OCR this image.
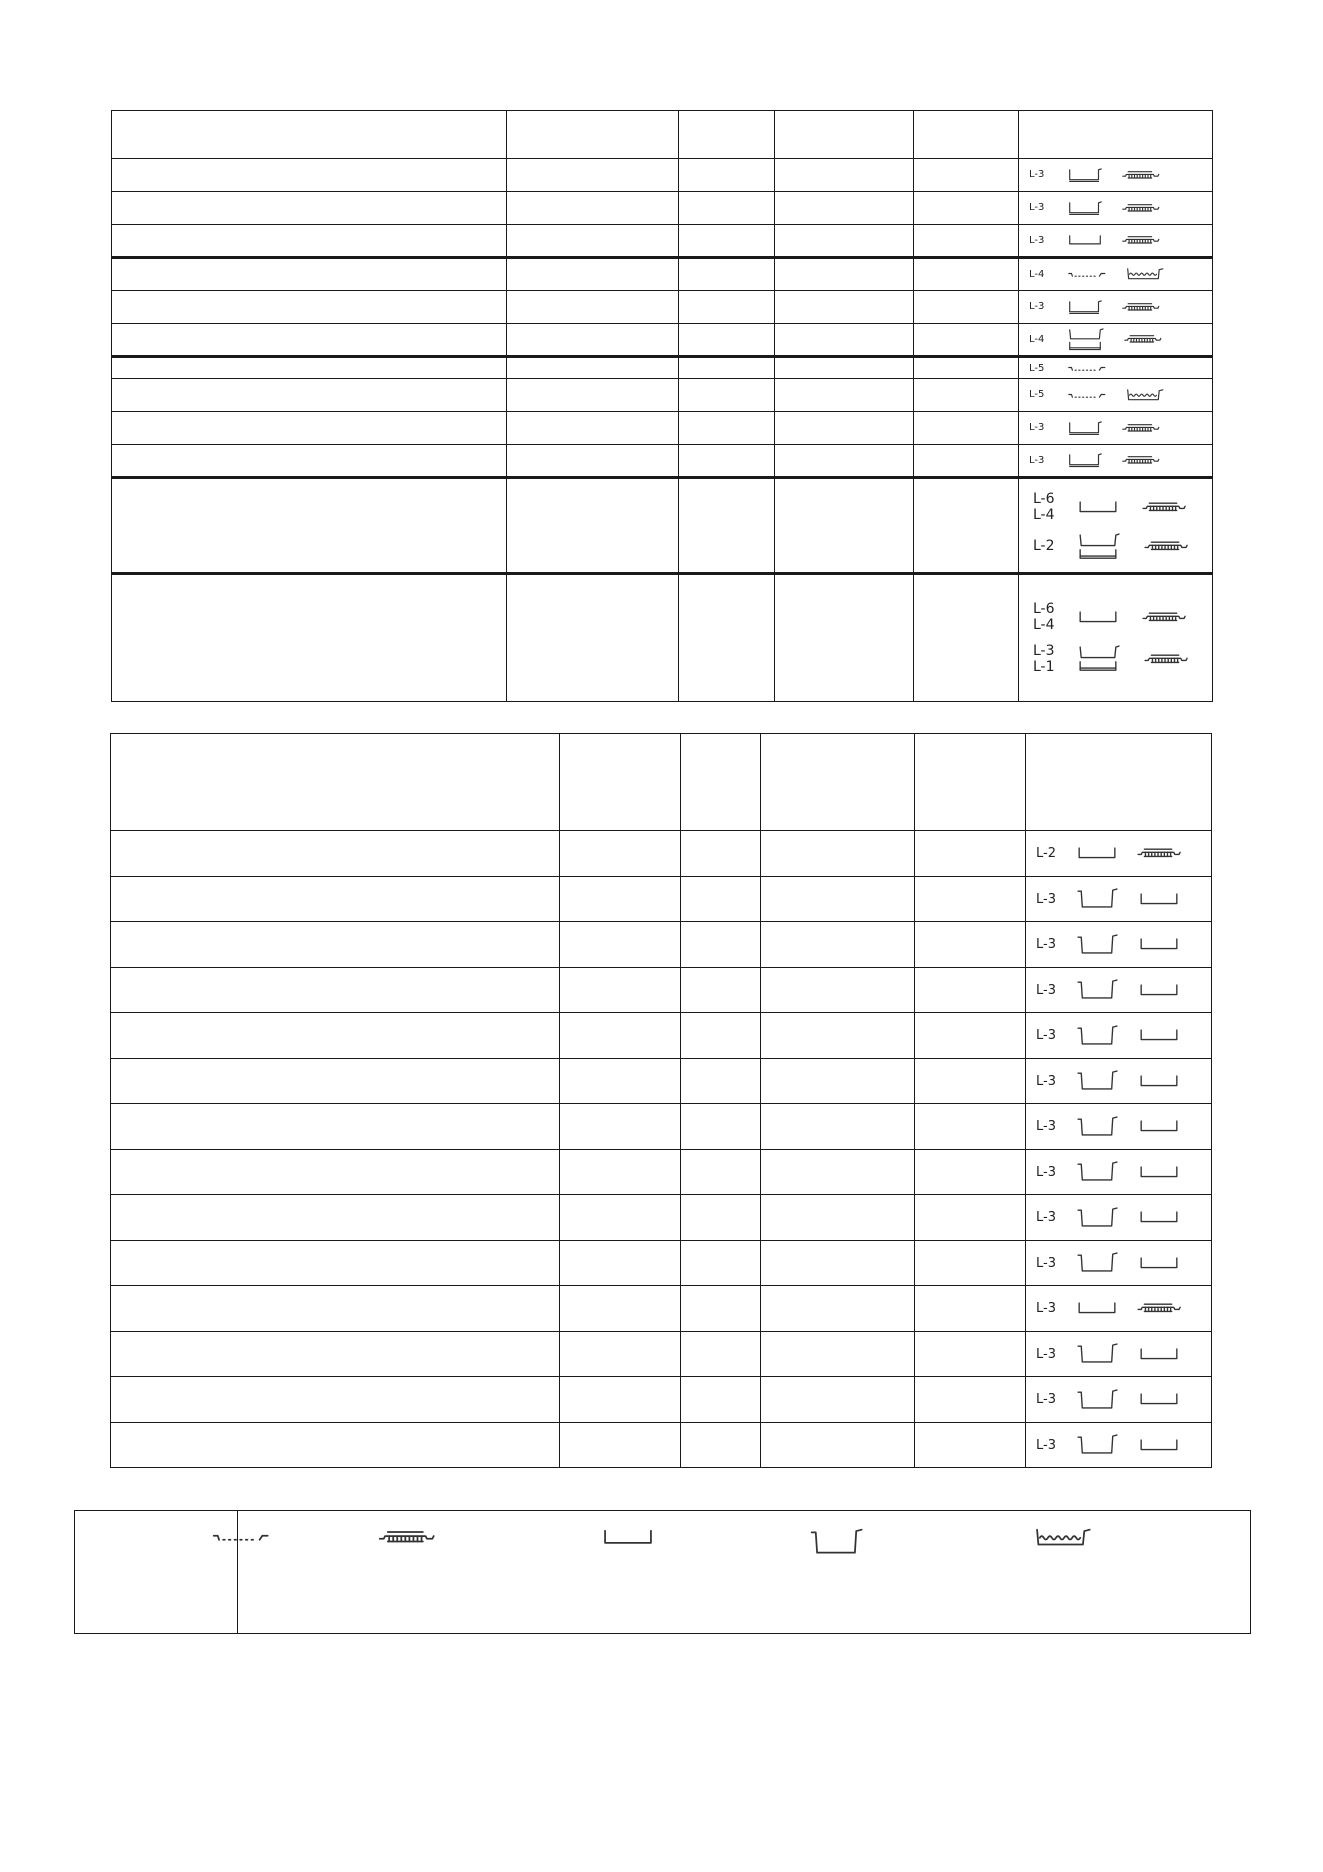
					L-3

					L-3

					L-3

					L-4

					L-3

					L-4

					L-5

					L-5

					L-3

					L-3

					L-6
L-4
L-2

					L-6
L-4
L-3
L-1

					L-2

					L-3

					L-3

					L-3

					L-3

					L-3

					L-3

					L-3

					L-3

					L-3

					L-3

					L-3

					L-3

					L-3
